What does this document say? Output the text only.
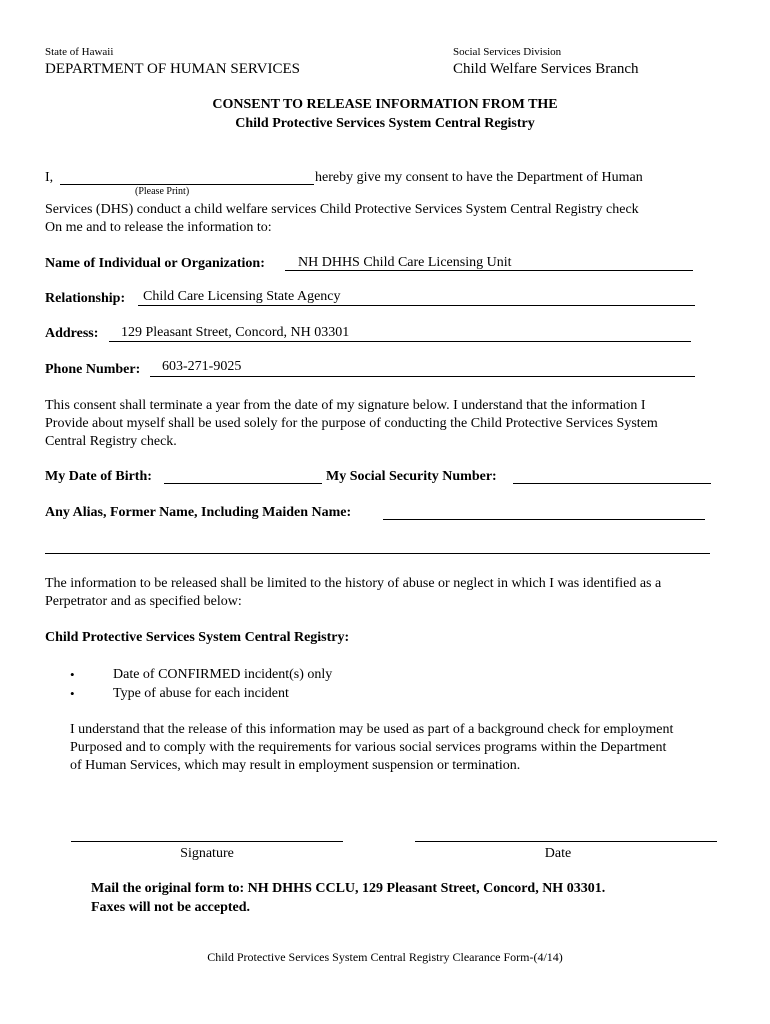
State of Hawaii
DEPARTMENT OF HUMAN SERVICES
Social Services Division
Child Welfare Services Branch
CONSENT TO RELEASE INFORMATION FROM THE
Child Protective Services System Central Registry
I,	hereby give my consent to have the Department of Human
(Please Print)
Services (DHS) conduct a child welfare services Child Protective Services System Central Registry check
On me and to release the information to:
Name of Individual or Organization: NH DHHS Child Care Licensing Unit
Relationship: Child Care Licensing State Agency
Address: 129 Pleasant Street, Concord, NH 03301
Phone Number: 603-271-9025
This consent shall terminate a year from the date of my signature below. I understand that the information I
Provide about myself shall be used solely for the purpose of conducting the Child Protective Services System
Central Registry check.
My Date of Birth:	My Social Security Number:
Any Alias, Former Name, Including Maiden Name:
The information to be released shall be limited to the history of abuse or neglect in which I was identified as a
Perpetrator and as specified below:
Child Protective Services System Central Registry:
•	Date of CONFIRMED incident(s) only
•	Type of abuse for each incident
I understand that the release of this information may be used as part of a background check for employment
Purposed and to comply with the requirements for various social services programs within the Department
of Human Services, which may result in employment suspension or termination.
Signature	Date
Mail the original form to: NH DHHS CCLU, 129 Pleasant Street, Concord, NH 03301.
Faxes will not be accepted.
Child Protective Services System Central Registry Clearance Form-(4/14)
